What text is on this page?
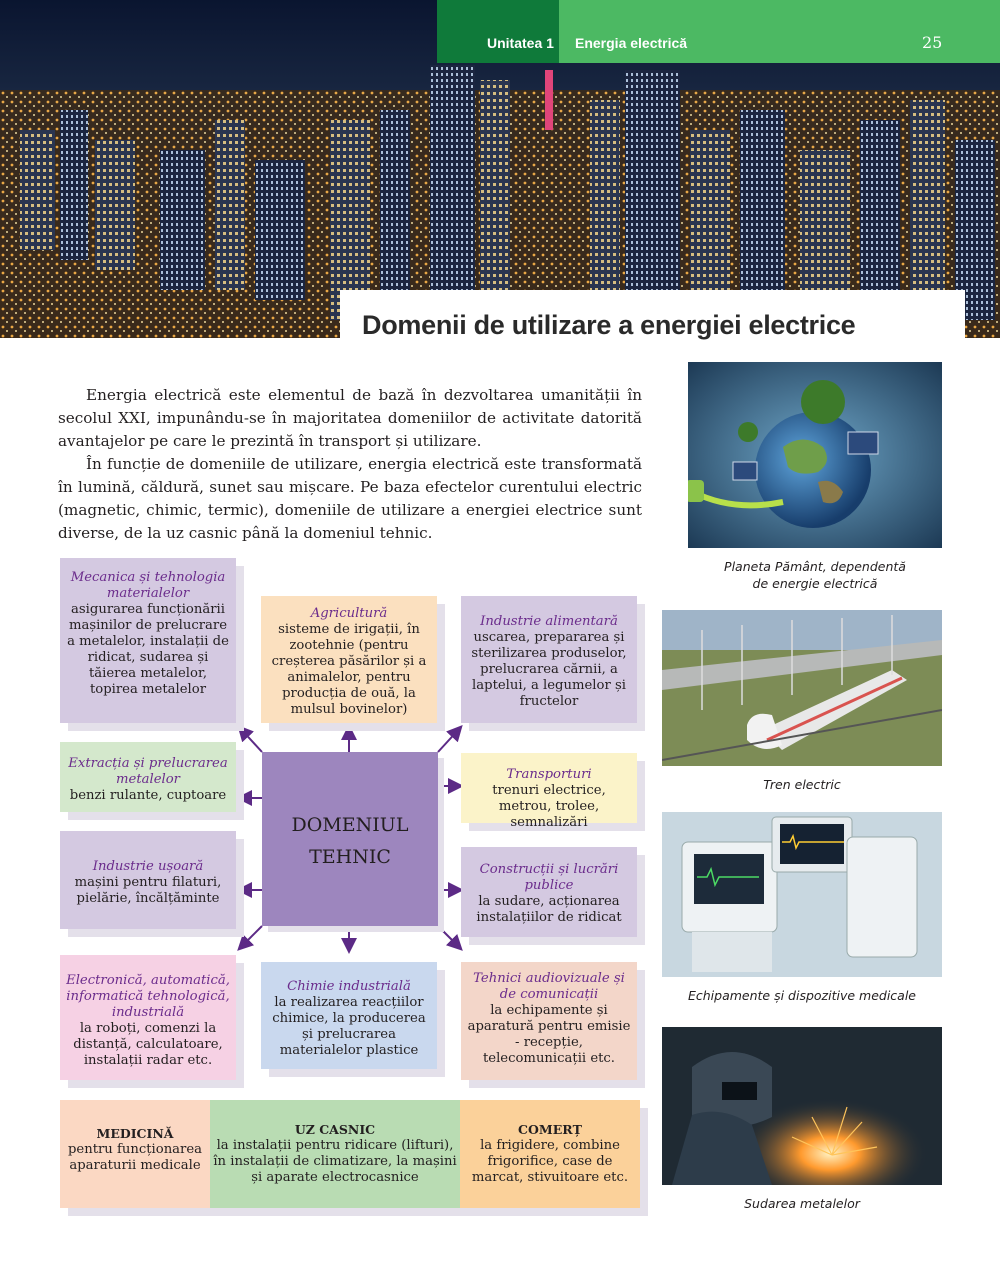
Unitatea 1 Energia electrică	25
Domenii de utilizare a energiei electrice

Energia electrică este elementul de bază în dezvoltarea umanității în secolul XXI, impunându-se în majoritatea domeniilor de activitate datorită avantajelor pe care le prezintă în transport și utilizare.

În funcție de domeniile de utilizare, energia electrică este transformată în lumină, căldură, sunet sau mișcare. Pe baza efectelor curentului electric (magnetic, chimic, termic), domeniile de utilizare a energiei electrice sunt diverse, de la uz casnic până la domeniul tehnic.

Planeta Pământ, dependentă
de energie electrică
Tren electric
Echipamente și dispozitive medicale
Sudarea metalelor
Mecanica și tehnologia materialelor
asigurarea funcționării mașinilor de prelucrare a metalelor, instalații de ridicat, sudarea și tăierea metalelor, topirea metalelor
Agricultură
sisteme de irigații, în zootehnie (pentru creșterea păsărilor și a animalelor, pentru producția de ouă, la mulsul bovinelor)
Industrie alimentară
uscarea, prepararea și sterilizarea produselor, prelucrarea cărnii, a laptelui, a legumelor și fructelor
Extracția și prelucrarea metalelor
benzi rulante, cuptoare
Transporturi
trenuri electrice, metrou, trolee, semnalizări
Industrie ușoară
mașini pentru filaturi, pielărie, încălțăminte
Construcții și lucrări publice
la sudare, acționarea instalațiilor de ridicat
Electronică, automatică, informatică tehnologică, industrială
la roboți, comenzi la distanță, calculatoare, instalații radar etc.
Chimie industrială
la realizarea reacțiilor chimice, la producerea și prelucrarea materialelor plastice
Tehnici audiovizuale și de comunicații
la echipamente și aparatură pentru emisie - recepție, telecomunicații etc.
DOMENIUL
TEHNIC
MEDICINĂ
pentru funcționarea aparaturii medicale
UZ CASNIC
la instalații pentru ridicare (lifturi), în instalații de climatizare, la mașini și aparate electrocasnice
COMERȚ
la frigidere, combine frigorifice, case de marcat, stivuitoare etc.
